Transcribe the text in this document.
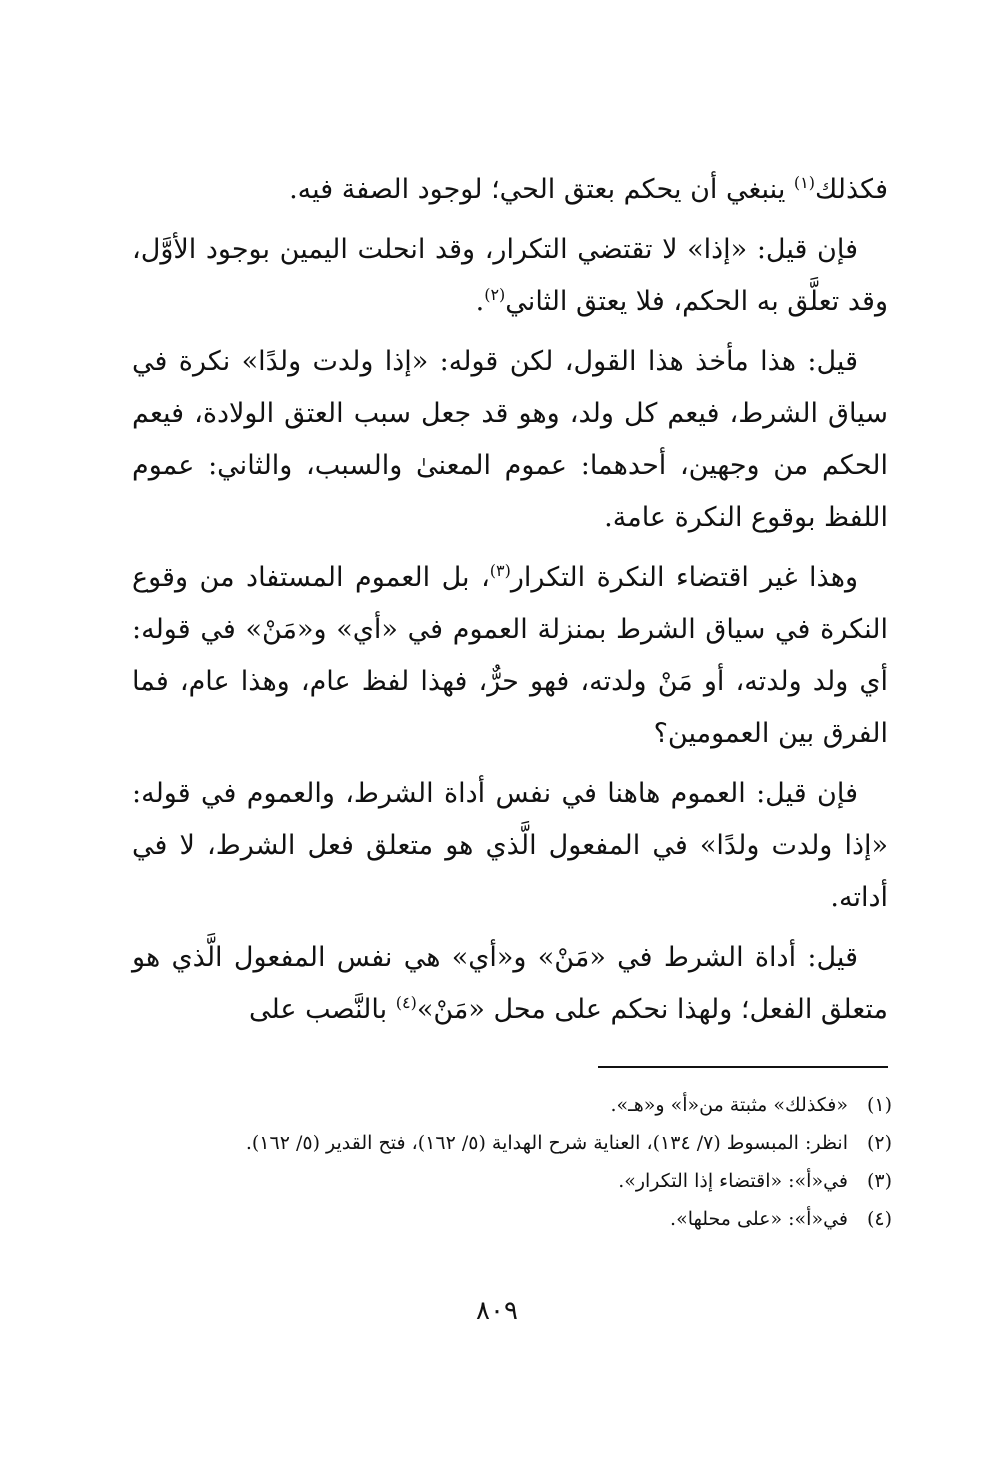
فكذلك$^{(١)}$ ينبغي أن يحكم بعتق الحي؛ لوجود الصفة فيه.

فإن قيل: «إذا» لا تقتضي التكرار، وقد انحلت اليمين بوجود الأوَّل، وقد تعلَّق به الحكم، فلا يعتق الثاني$^{(٢)}$.

قيل: هذا مأخذ هذا القول، لكن قوله: «إذا ولدت ولدًا» نكرة في سياق الشرط، فيعم كل ولد، وهو قد جعل سبب العتق الولادة، فيعم الحكم من وجهين، أحدهما: عموم المعنىٰ والسبب، والثاني: عموم اللفظ بوقوع النكرة عامة.

وهذا غير اقتضاء النكرة التكرار$^{(٣)}$، بل العموم المستفاد من وقوع النكرة في سياق الشرط بمنزلة العموم في «أي» و«مَنْ» في قوله: أي ولد ولدته، أو مَنْ ولدته، فهو حرٌّ، فهذا لفظ عام، وهذا عام، فما الفرق بين العمومين؟

فإن قيل: العموم هاهنا في نفس أداة الشرط، والعموم في قوله: «إذا ولدت ولدًا» في المفعول الَّذي هو متعلق فعل الشرط، لا في أداته.

قيل: أداة الشرط في «مَنْ» و«أي» هي نفس المفعول الَّذي هو متعلق الفعل؛ ولهذا نحكم على محل «مَنْ»$^{(٤)}$ بالنَّصب على

(١)
«فكذلك» مثبتة من«أ» و«هـ».
(٢)
انظر: المبسوط (٧/ ١٣٤)، العناية شرح الهداية (٥/ ١٦٢)، فتح القدير (٥/ ١٦٢).
(٣)
في«أ»: «اقتضاء إذا التكرار».
(٤)
في«أ»: «على محلها».
٨٠٩
